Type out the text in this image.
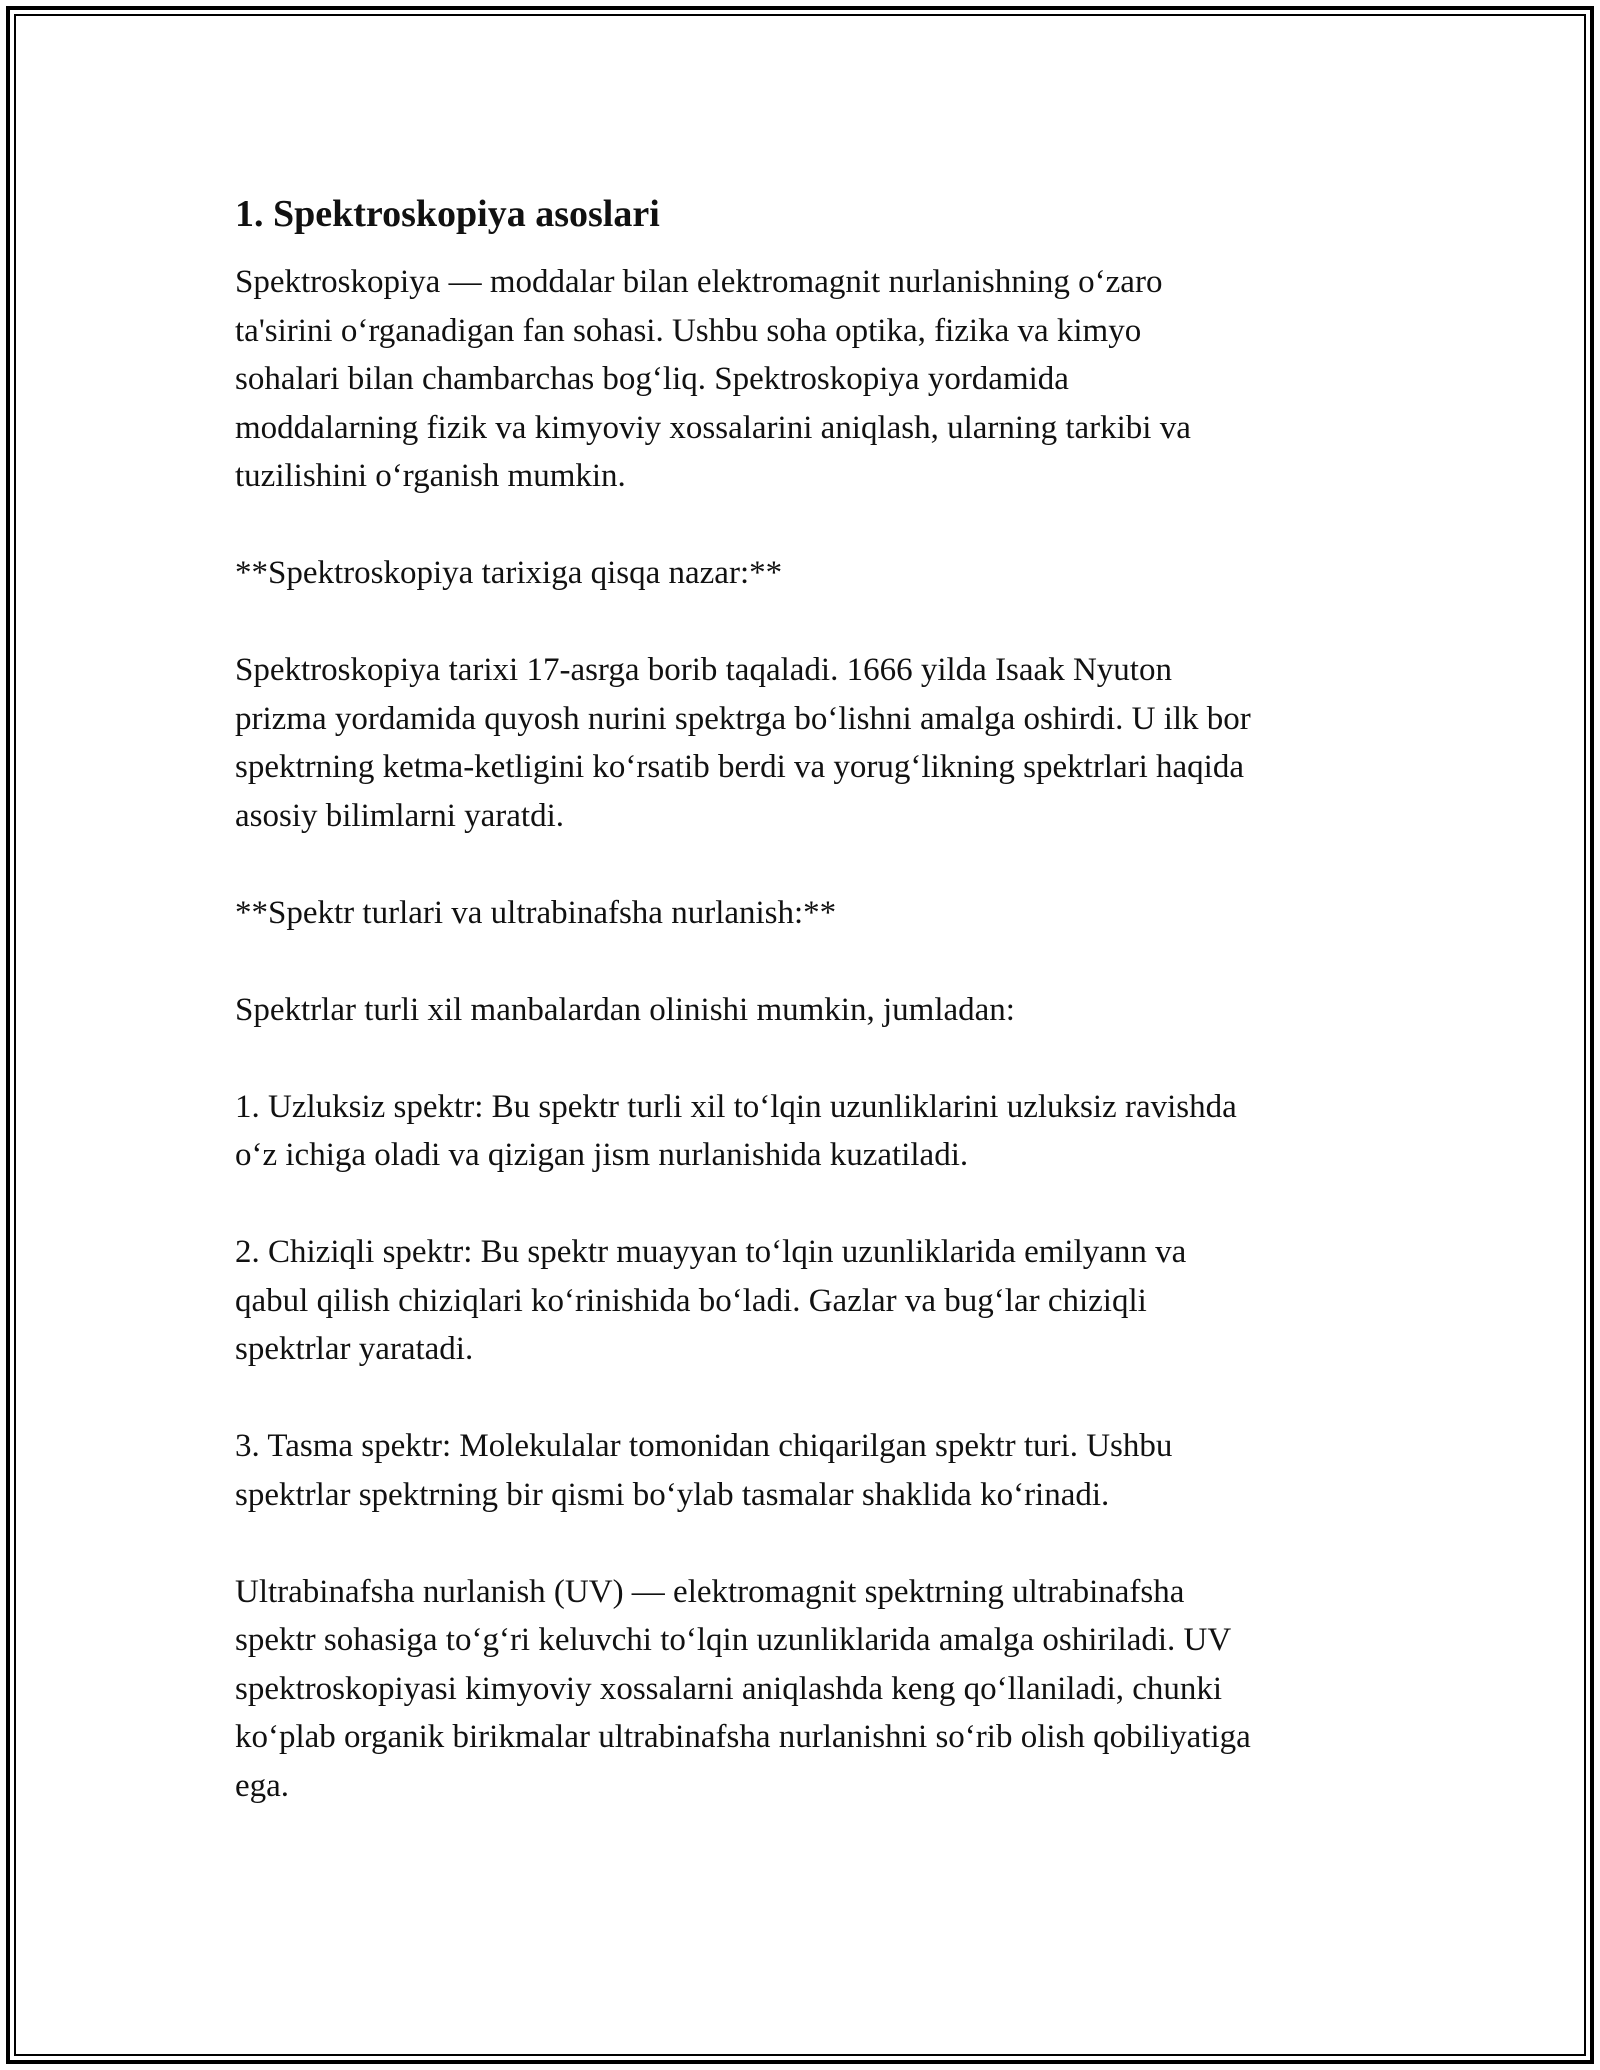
1. Spektroskopiya asoslari

Spektroskopiya — moddalar bilan elektromagnit nurlanishning o‘zaro
ta'sirini o‘rganadigan fan sohasi. Ushbu soha optika, fizika va kimyo
sohalari bilan chambarchas bog‘liq. Spektroskopiya yordamida
moddalarning fizik va kimyoviy xossalarini aniqlash, ularning tarkibi va
tuzilishini o‘rganish mumkin.

**Spektroskopiya tarixiga qisqa nazar:**

Spektroskopiya tarixi 17-asrga borib taqaladi. 1666 yilda Isaak Nyuton
prizma yordamida quyosh nurini spektrga bo‘lishni amalga oshirdi. U ilk bor
spektrning ketma-ketligini ko‘rsatib berdi va yorug‘likning spektrlari haqida
asosiy bilimlarni yaratdi.

**Spektr turlari va ultrabinafsha nurlanish:**

Spektrlar turli xil manbalardan olinishi mumkin, jumladan:

1. Uzluksiz spektr: Bu spektr turli xil to‘lqin uzunliklarini uzluksiz ravishda
o‘z ichiga oladi va qizigan jism nurlanishida kuzatiladi.

2. Chiziqli spektr: Bu spektr muayyan to‘lqin uzunliklarida emilyann va
qabul qilish chiziqlari ko‘rinishida bo‘ladi. Gazlar va bug‘lar chiziqli
spektrlar yaratadi.

3. Tasma spektr: Molekulalar tomonidan chiqarilgan spektr turi. Ushbu
spektrlar spektrning bir qismi bo‘ylab tasmalar shaklida ko‘rinadi.

Ultrabinafsha nurlanish (UV) — elektromagnit spektrning ultrabinafsha
spektr sohasiga to‘g‘ri keluvchi to‘lqin uzunliklarida amalga oshiriladi. UV
spektroskopiyasi kimyoviy xossalarni aniqlashda keng qo‘llaniladi, chunki
ko‘plab organik birikmalar ultrabinafsha nurlanishni so‘rib olish qobiliyatiga
ega.
